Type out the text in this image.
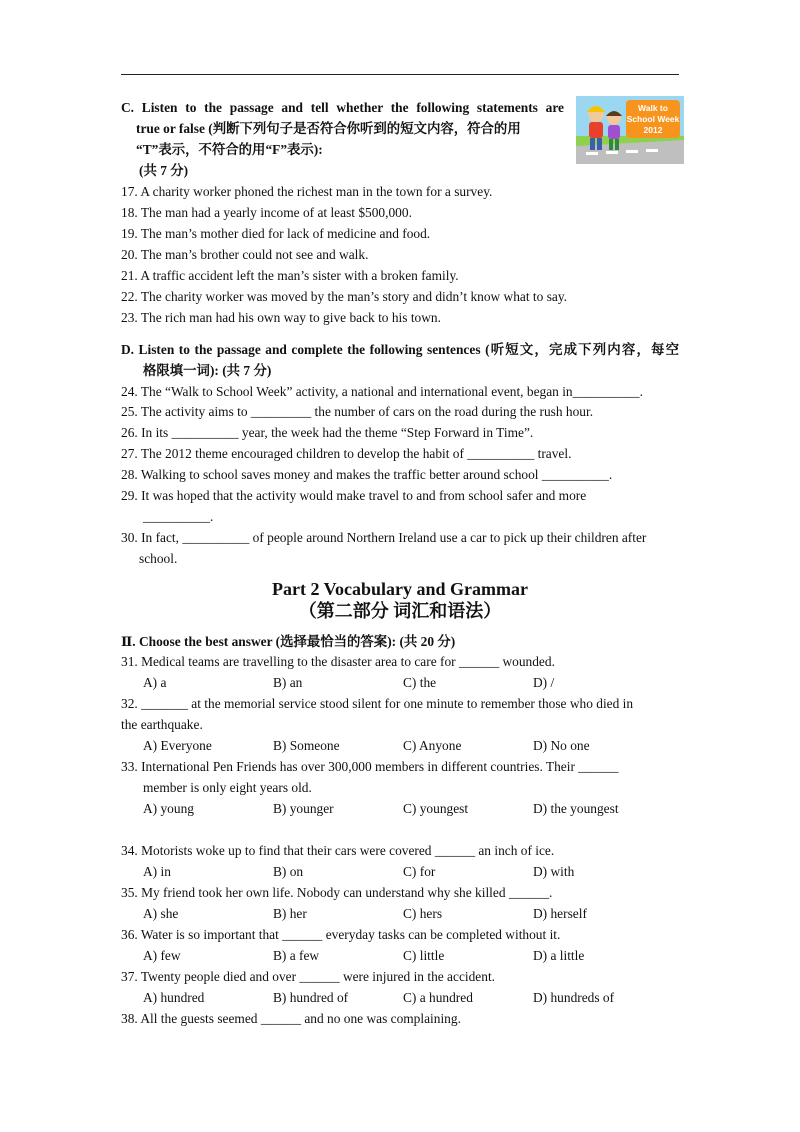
C. Listen to the passage and tell whether the following statements are
true or false (判断下列句子是否符合你听到的短文内容，符合的用
“T”表示，不符合的用“F”表示):
(共 7 分)
Walk to
School Week
2012
17. A charity worker phoned the richest man in the town for a survey.
18. The man had a yearly income of at least $500,000.
19. The man’s mother died for lack of medicine and food.
20. The man’s brother could not see and walk.
21. A traffic accident left the man’s sister with a broken family.
22. The charity worker was moved by the man’s story and didn’t know what to say.
23. The rich man had his own way to give back to his town.
D. Listen to the passage and complete the following sentences (听短文，完成下列内容，每空
格限填一词): (共 7 分)
24. The “Walk to School Week” activity, a national and international event, began in__________.
25. The activity aims to _________ the number of cars on the road during the rush hour.
26. In its __________ year, the week had the theme “Step Forward in Time”.
27. The 2012 theme encouraged children to develop the habit of __________ travel.
28. Walking to school saves money and makes the traffic better around school __________.
29. It was hoped that the activity would make travel to and from school safer and more
__________.
30. In fact, __________ of people around Northern Ireland use a car to pick up their children after
school.
Part 2 Vocabulary and Grammar
（第二部分 词汇和语法）
Ⅱ. Choose the best answer (选择最恰当的答案): (共 20 分)
31. Medical teams are travelling to the disaster area to care for ______ wounded.
A) a	B) an	C) the	D) /
32. _______ at the memorial service stood silent for one minute to remember those who died in
the earthquake.
A) Everyone	B) Someone	C) Anyone	D) No one
33. International Pen Friends has over 300,000 members in different countries. Their ______
member is only eight years old.
A) young	B) younger	C) youngest	D) the youngest
34. Motorists woke up to find that their cars were covered ______ an inch of ice.
A) in	B) on	C) for	D) with
35. My friend took her own life. Nobody can understand why she killed ______.
A) she	B) her	C) hers	D) herself
36. Water is so important that ______ everyday tasks can be completed without it.
A) few	B) a few	C) little	D) a little
37. Twenty people died and over ______ were injured in the accident.
A) hundred	B) hundred of	C) a hundred	D) hundreds of
38. All the guests seemed ______ and no one was complaining.
